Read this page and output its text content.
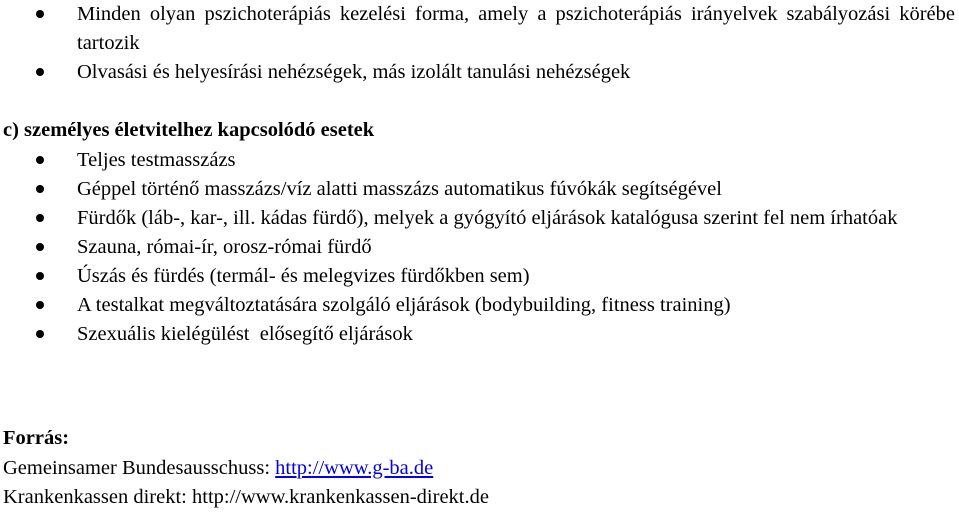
Minden olyan pszichoterápiás kezelési forma, amely a pszichoterápiás irányelvek szabályozási körébe tartozik
Olvasási és helyesírási nehézségek, más izolált tanulási nehézségek
c) személyes életvitelhez kapcsolódó esetek
Teljes testmasszázs
Géppel történő masszázs/víz alatti masszázs automatikus fúvókák segítségével
Fürdők (láb-, kar-, ill. kádas fürdő), melyek a gyógyító eljárások katalógusa szerint fel nem írhatóak
Szauna, római-ír, orosz-római fürdő
Úszás és fürdés (termál- és melegvizes fürdőkben sem)
A testalkat megváltoztatására szolgáló eljárások (bodybuilding, fitness training)
Szexuális kielégülést  elősegítő eljárások
Forrás:
Gemeinsamer Bundesausschuss: http://www.g-ba.de
Krankenkassen direkt: http://www.krankenkassen-direkt.de
